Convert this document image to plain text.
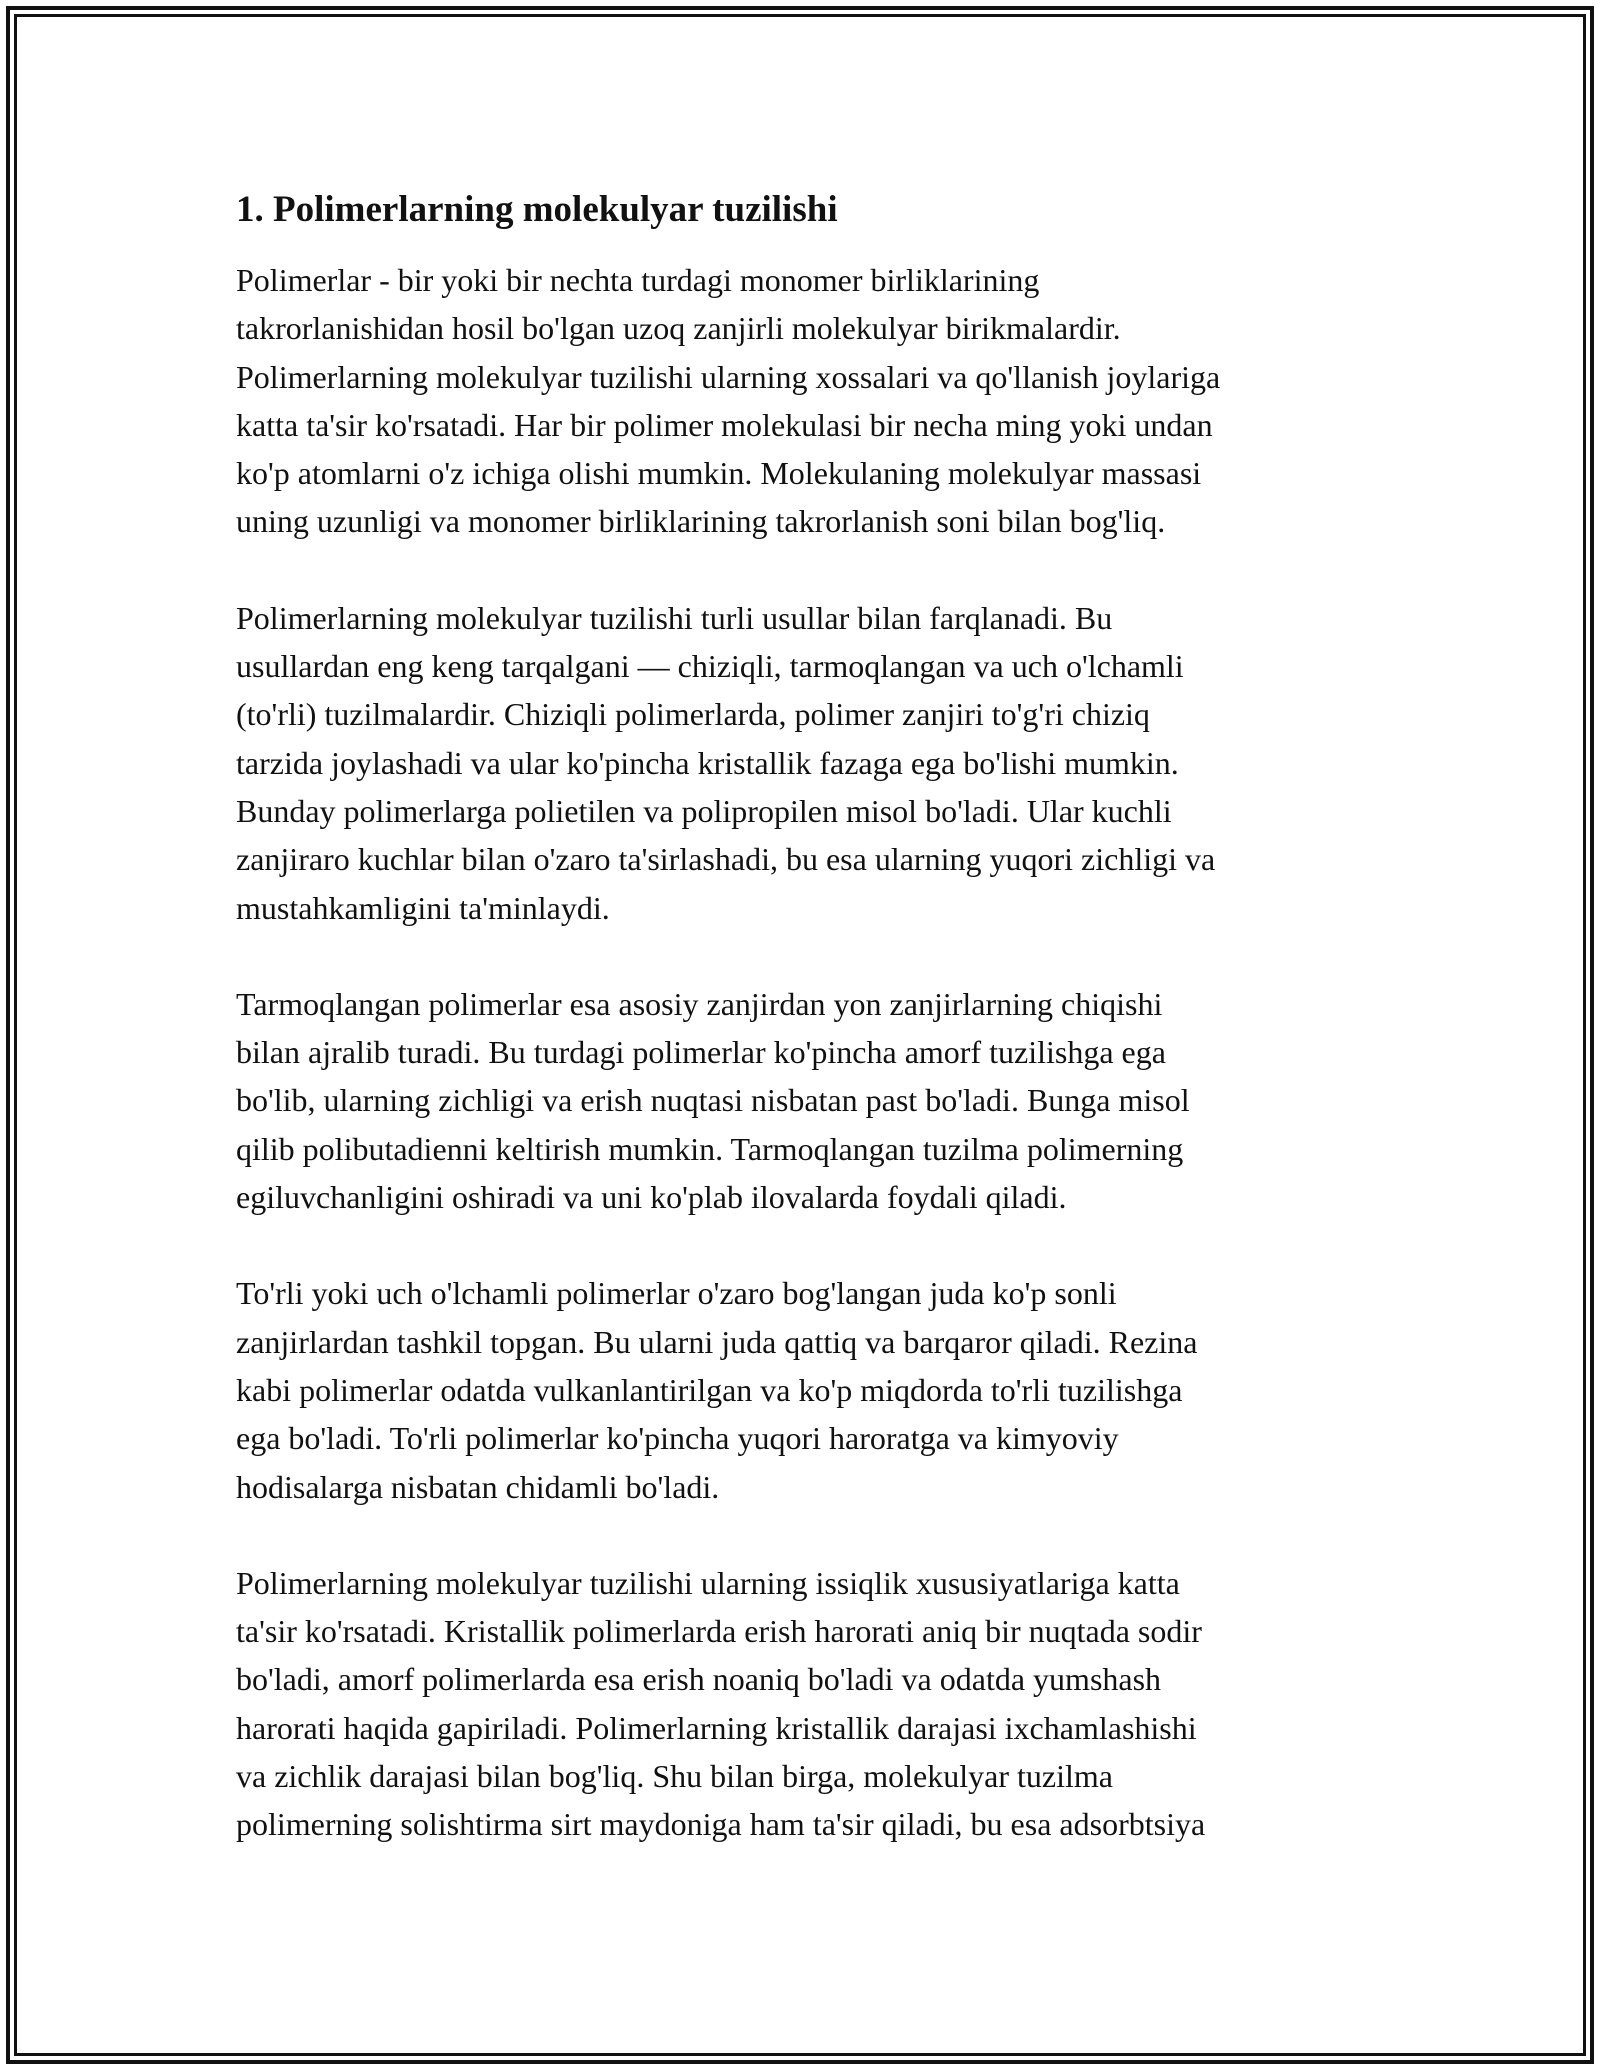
1. Polimerlarning molekulyar tuzilishi
Polimerlar - bir yoki bir nechta turdagi monomer birliklarining
takrorlanishidan hosil bo'lgan uzoq zanjirli molekulyar birikmalardir.
Polimerlarning molekulyar tuzilishi ularning xossalari va qo'llanish joylariga
katta ta'sir ko'rsatadi. Har bir polimer molekulasi bir necha ming yoki undan
ko'p atomlarni o'z ichiga olishi mumkin. Molekulaning molekulyar massasi
uning uzunligi va monomer birliklarining takrorlanish soni bilan bog'liq.
Polimerlarning molekulyar tuzilishi turli usullar bilan farqlanadi. Bu
usullardan eng keng tarqalgani — chiziqli, tarmoqlangan va uch o'lchamli
(to'rli) tuzilmalardir. Chiziqli polimerlarda, polimer zanjiri to'g'ri chiziq
tarzida joylashadi va ular ko'pincha kristallik fazaga ega bo'lishi mumkin.
Bunday polimerlarga polietilen va polipropilen misol bo'ladi. Ular kuchli
zanjiraro kuchlar bilan o'zaro ta'sirlashadi, bu esa ularning yuqori zichligi va
mustahkamligini ta'minlaydi.
Tarmoqlangan polimerlar esa asosiy zanjirdan yon zanjirlarning chiqishi
bilan ajralib turadi. Bu turdagi polimerlar ko'pincha amorf tuzilishga ega
bo'lib, ularning zichligi va erish nuqtasi nisbatan past bo'ladi. Bunga misol
qilib polibutadienni keltirish mumkin. Tarmoqlangan tuzilma polimerning
egiluvchanligini oshiradi va uni ko'plab ilovalarda foydali qiladi.
To'rli yoki uch o'lchamli polimerlar o'zaro bog'langan juda ko'p sonli
zanjirlardan tashkil topgan. Bu ularni juda qattiq va barqaror qiladi. Rezina
kabi polimerlar odatda vulkanlantirilgan va ko'p miqdorda to'rli tuzilishga
ega bo'ladi. To'rli polimerlar ko'pincha yuqori haroratga va kimyoviy
hodisalarga nisbatan chidamli bo'ladi.
Polimerlarning molekulyar tuzilishi ularning issiqlik xususiyatlariga katta
ta'sir ko'rsatadi. Kristallik polimerlarda erish harorati aniq bir nuqtada sodir
bo'ladi, amorf polimerlarda esa erish noaniq bo'ladi va odatda yumshash
harorati haqida gapiriladi. Polimerlarning kristallik darajasi ixchamlashishi
va zichlik darajasi bilan bog'liq. Shu bilan birga, molekulyar tuzilma
polimerning solishtirma sirt maydoniga ham ta'sir qiladi, bu esa adsorbtsiya
